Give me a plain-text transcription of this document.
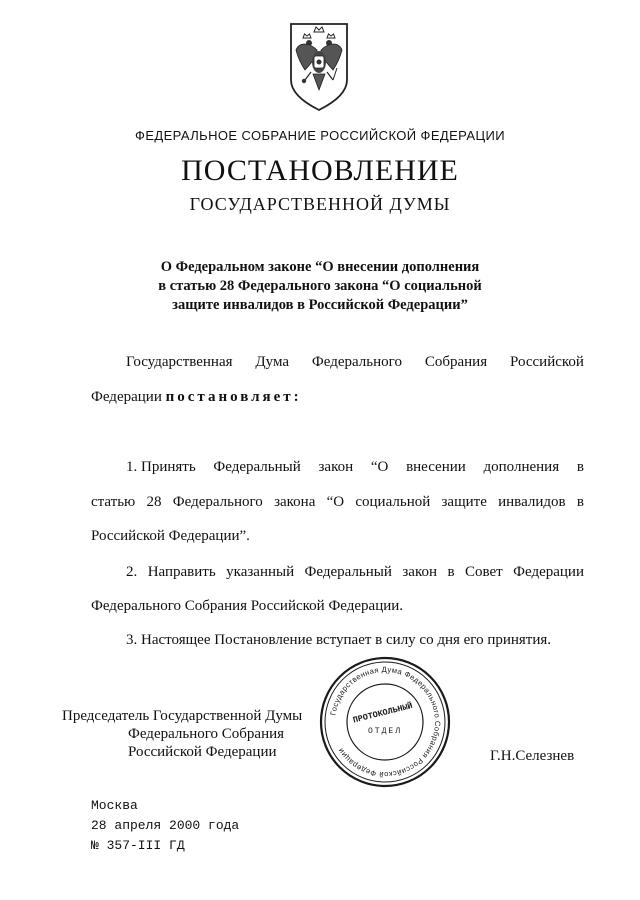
ФЕДЕРАЛЬНОЕ СОБРАНИЕ РОССИЙСКОЙ ФЕДЕРАЦИИ
ПОСТАНОВЛЕНИЕ
ГОСУДАРСТВЕННОЙ ДУМЫ
О Федеральном законе “О внесении дополнения
в статью 28 Федерального закона “О социальной
защите инвалидов в Российской Федерации”
Государственная Дума Федерального Собрания Российской
Федерации постановляет:
1. Принять Федеральный закон “О внесении дополнения в
статью 28 Федерального закона “О социальной защите инвалидов в
Российской Федерации”.
2. Направить указанный Федеральный закон в Совет Федерации
Федерального Собрания Российской Федерации.
3. Настоящее Постановление вступает в силу со дня его принятия.
Председатель Государственной Думы
Федерального Собрания
Российской Федерации	Г.Н.Селезнев
Государственная Дума Федерального Собрания Российской Федерации
ПРОТОКОЛЬНЫЙ
ОТДЕЛ
Москва
28 апреля 2000 года
№ 357-III ГД
